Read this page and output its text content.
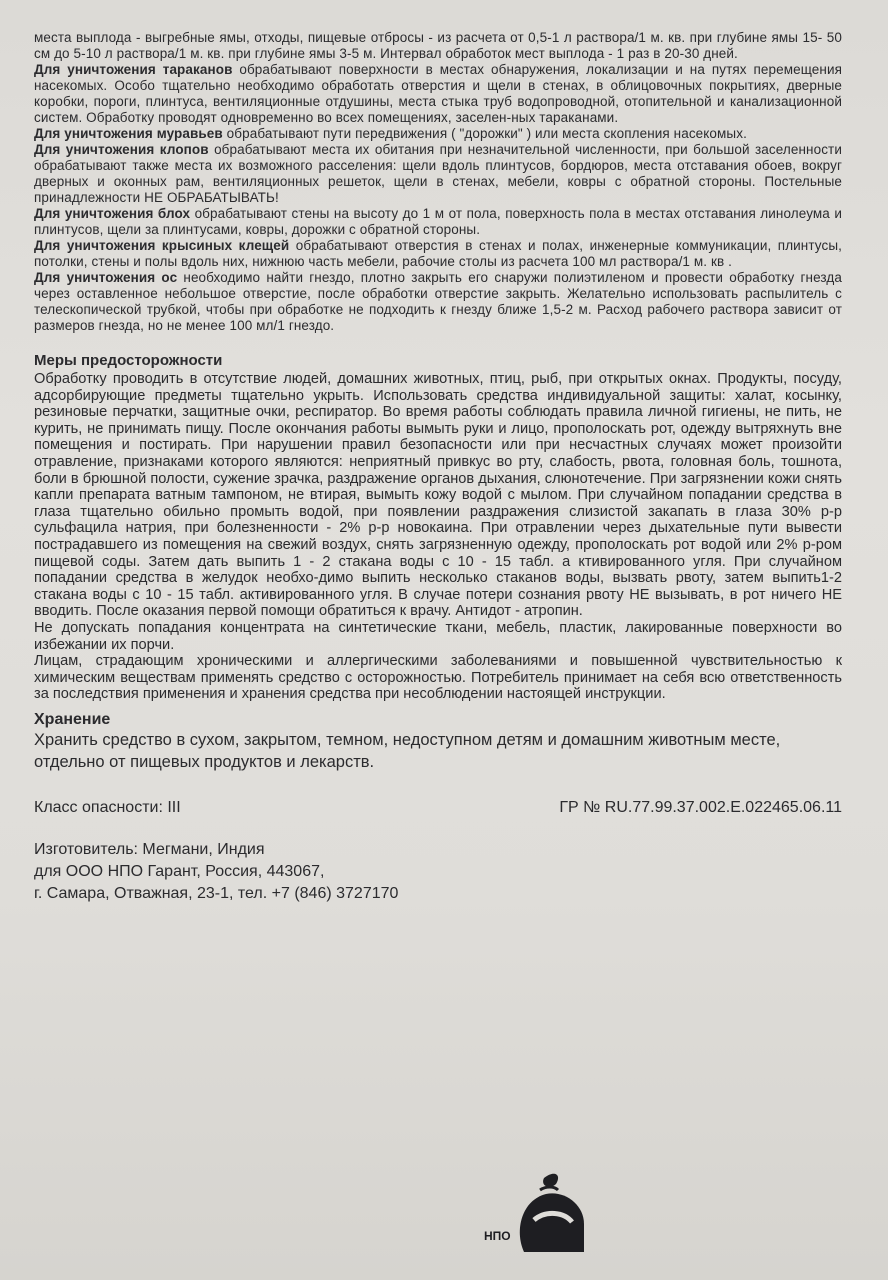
места выплода - выгребные ямы, отходы, пищевые отбросы - из расчета от 0,5-1 л раствора/1 м. кв. при глубине ямы 15- 50 см до 5-10 л раствора/1 м. кв. при глубине ямы 3-5 м. Интервал обработок мест выплода - 1 раз в 20-30 дней.

Для уничтожения тараканов обрабатывают поверхности в местах обнаружения, локализации и на путях перемещения насекомых. Особо тщательно необходимо обработать отверстия и щели в стенах, в облицовочных покрытиях, дверные коробки, пороги, плинтуса, вентиляционные отдушины, места стыка труб водопроводной, отопительной и канализационной систем. Обработку проводят одновременно во всех помещениях, заселен-ных тараканами.

Для уничтожения муравьев обрабатывают пути передвижения ( "дорожки" ) или места скопления насекомых.

Для уничтожения клопов обрабатывают места их обитания при незначительной численности, при большой заселенности обрабатывают также места их возможного расселения: щели вдоль плинтусов, бордюров, места отставания обоев, вокруг дверных и оконных рам, вентиляционных решеток, щели в стенах, мебели, ковры с обратной стороны. Постельные принадлежности НЕ ОБРАБАТЫВАТЬ!

Для уничтожения блох обрабатывают стены на высоту до 1 м от пола, поверхность пола в местах отставания линолеума и плинтусов, щели за плинтусами, ковры, дорожки с обратной стороны.

Для уничтожения крысиных клещей обрабатывают отверстия в стенах и полах, инженерные коммуникации, плинтусы, потолки, стены и полы вдоль них, нижнюю часть мебели, рабочие столы из расчета 100 мл раствора/1 м. кв .

Для уничтожения ос необходимо найти гнездо, плотно закрыть его снаружи полиэтиленом и провести обработку гнезда через оставленное небольшое отверстие, после обработки отверстие закрыть. Желательно использовать распылитель с телескопической трубкой, чтобы при обработке не подходить к гнезду ближе 1,5-2 м. Расход рабочего раствора зависит от размеров гнезда, но не менее 100 мл/1 гнездо.

Меры предосторожности

Обработку проводить в отсутствие людей, домашних животных, птиц, рыб, при открытых окнах. Продукты, посуду, адсорбирующие предметы тщательно укрыть. Использовать средства индивидуальной защиты: халат, косынку, резиновые перчатки, защитные очки, респиратор. Во время работы соблюдать правила личной гигиены, не пить, не курить, не принимать пищу. После окончания работы вымыть руки и лицо, прополоскать рот, одежду вытряхнуть вне помещения и постирать. При нарушении правил безопасности или при несчастных случаях может произойти отравление, признаками которого являются: неприятный привкус во рту, слабость, рвота, головная боль, тошнота, боли в брюшной полости, сужение зрачка, раздражение органов дыхания, слюнотечение. При загрязнении кожи снять капли препарата ватным тампоном, не втирая, вымыть кожу водой с мылом. При случайном попадании средства в глаза тщательно обильно промыть водой, при появлении раздражения слизистой закапать в глаза 30% р-р сульфацила натрия, при болезненности - 2% р-р новокаина. При отравлении через дыхательные пути вывести пострадавшего из помещения на свежий воздух, снять загрязненную одежду, прополоскать рот водой или 2% р-ром пищевой соды. Затем дать выпить 1 - 2 стакана воды с 10 - 15 табл. а ктивированного угля. При случайном попадании средства в желудок необхо-димо выпить несколько стаканов воды, вызвать рвоту, затем выпить1-2 стакана воды с 10 - 15 табл. активированного угля. В случае потери сознания рвоту НЕ вызывать, в рот ничего НЕ вводить. После оказания первой помощи обратиться к врачу. Антидот - атропин.

Не допускать попадания концентрата на синтетические ткани, мебель, пластик, лакированные поверхности во избежании их порчи.

Лицам, страдающим хроническими и аллергическими заболеваниями и повышенной чувствительностью к химическим веществам применять средство с осторожностью. Потребитель принимает на себя всю ответственность за последствия применения и хранения средства при несоблюдении настоящей инструкции.

Хранение

Хранить средство в сухом, закрытом, темном, недоступном детям и домашним животным месте, отдельно от пищевых продуктов и лекарств.

Класс опасности: III	ГР № RU.77.99.37.002.Е.022465.06.11
Изготовитель: Мегмани, Индия
для ООО НПО Гарант, Россия, 443067,
г. Самара, Отважная, 23-1, тел. +7 (846) 3727170
НПО
